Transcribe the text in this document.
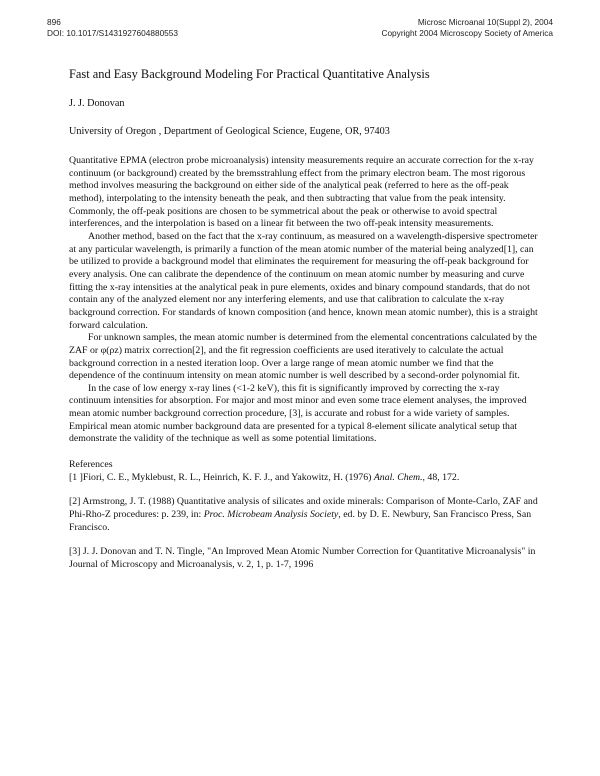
896
DOI: 10.1017/S1431927604880553
Microsc Microanal 10(Suppl 2), 2004
Copyright 2004 Microscopy Society of America
Fast and Easy Background Modeling For Practical Quantitative Analysis
J. J. Donovan
University of Oregon , Department of Geological Science, Eugene, OR, 97403

Quantitative EPMA (electron probe microanalysis) intensity measurements require an accurate correction for the x-ray continuum (or background) created by the bremsstrahlung effect from the primary electron beam. The most rigorous method involves measuring the background on either side of the analytical peak (referred to here as the off-peak method), interpolating to the intensity beneath the peak, and then subtracting that value from the peak intensity. Commonly, the off-peak positions are chosen to be symmetrical about the peak or otherwise to avoid spectral interferences, and the interpolation is based on a linear fit between the two off-peak intensity measurements.

Another method, based on the fact that the x-ray continuum, as measured on a wavelength-dispersive spectrometer at any particular wavelength, is primarily a function of the mean atomic number of the material being analyzed[1], can be utilized to provide a background model that eliminates the requirement for measuring the off-peak background for every analysis. One can calibrate the dependence of the continuum on mean atomic number by measuring and curve fitting the x-ray intensities at the analytical peak in pure elements, oxides and binary compound standards, that do not contain any of the analyzed element nor any interfering elements, and use that calibration to calculate the x-ray background correction. For standards of known composition (and hence, known mean atomic number), this is a straight forward calculation.

For unknown samples, the mean atomic number is determined from the elemental concentrations calculated by the ZAF or φ(ρz) matrix correction[2], and the fit regression coefficients are used iteratively to calculate the actual background correction in a nested iteration loop. Over a large range of mean atomic number we find that the dependence of the continuum intensity on mean atomic number is well described by a second-order polynomial fit.

In the case of low energy x-ray lines (<1-2 keV), this fit is significantly improved by correcting the x-ray continuum intensities for absorption. For major and most minor and even some trace element analyses, the improved mean atomic number background correction procedure, [3], is accurate and robust for a wide variety of samples. Empirical mean atomic number background data are presented for a typical 8-element silicate analytical setup that demonstrate the validity of the technique as well as some potential limitations.

References
[1 ]Fiori, C. E., Myklebust, R. L., Heinrich, K. F. J., and Yakowitz, H. (1976) Anal. Chem., 48, 172.
[2] Armstrong, J. T. (1988) Quantitative analysis of silicates and oxide minerals: Comparison of Monte-Carlo, ZAF and Phi-Rho-Z procedures: p. 239, in: Proc. Microbeam Analysis Society, ed. by D. E. Newbury, San Francisco Press, San Francisco.
[3] J. J. Donovan and T. N. Tingle, "An Improved Mean Atomic Number Correction for Quantitative Microanalysis" in Journal of Microscopy and Microanalysis, v. 2, 1, p. 1-7, 1996
